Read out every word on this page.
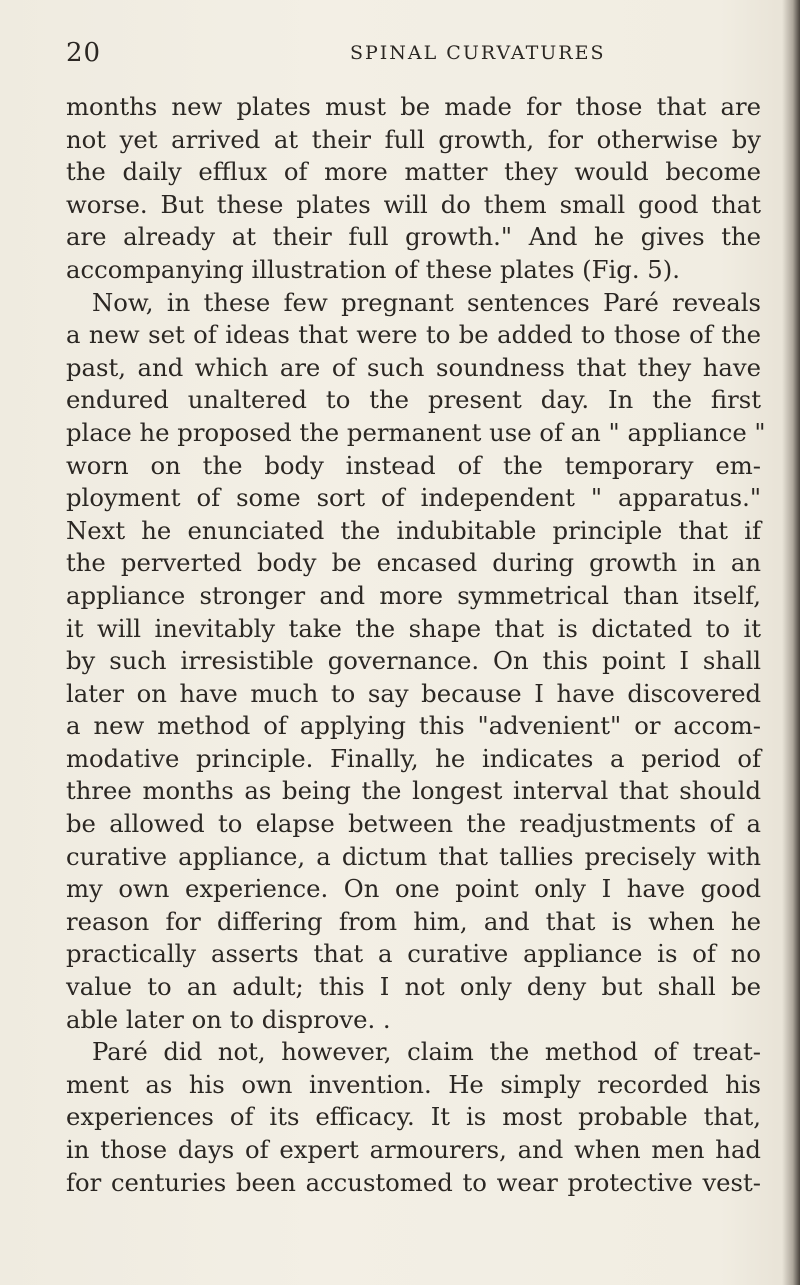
20	SPINAL CURVATURES
months new plates must be made for those that are
not yet arrived at their full growth, for otherwise by
the daily efflux of more matter they would become
worse. But these plates will do them small good that
are already at their full growth." And he gives the
accompanying illustration of these plates (Fig. 5).
Now, in these few pregnant sentences Paré reveals
a new set of ideas that were to be added to those of the
past, and which are of such soundness that they have
endured unaltered to the present day. In the first
place he proposed the permanent use of an " appliance "
worn on the body instead of the temporary em-
ployment of some sort of independent " apparatus."
Next he enunciated the indubitable principle that if
the perverted body be encased during growth in an
appliance stronger and more symmetrical than itself,
it will inevitably take the shape that is dictated to it
by such irresistible governance. On this point I shall
later on have much to say because I have discovered
a new method of applying this "advenient" or accom-
modative principle. Finally, he indicates a period of
three months as being the longest interval that should
be allowed to elapse between the readjustments of a
curative appliance, a dictum that tallies precisely with
my own experience. On one point only I have good
reason for differing from him, and that is when he
practically asserts that a curative appliance is of no
value to an adult; this I not only deny but shall be
able later on to disprove. .
Paré did not, however, claim the method of treat-
ment as his own invention. He simply recorded his
experiences of its efficacy. It is most probable that,
in those days of expert armourers, and when men had
for centuries been accustomed to wear protective vest-
